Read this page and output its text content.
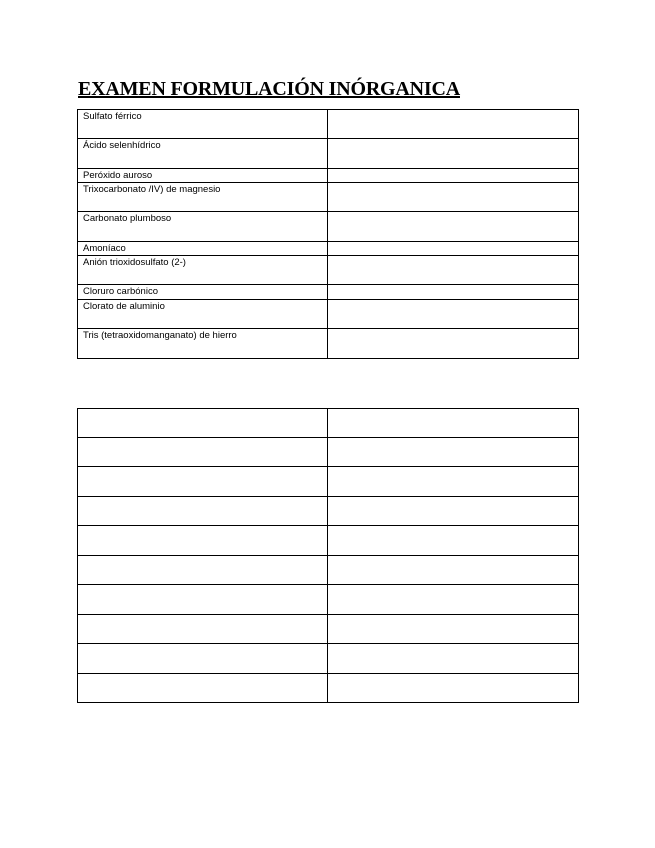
EXAMEN FORMULACIÓN INÓRGANICA
Sulfato férrico	
Ácido selenhídrico	
Peróxido auroso	
Trixocarbonato /IV) de magnesio	
Carbonato plumboso	
Amoníaco	
Anión trioxidosulfato (2-)	
Cloruro carbónico	
Clorato de aluminio	
Tris (tetraoxidomanganato) de hierro	
